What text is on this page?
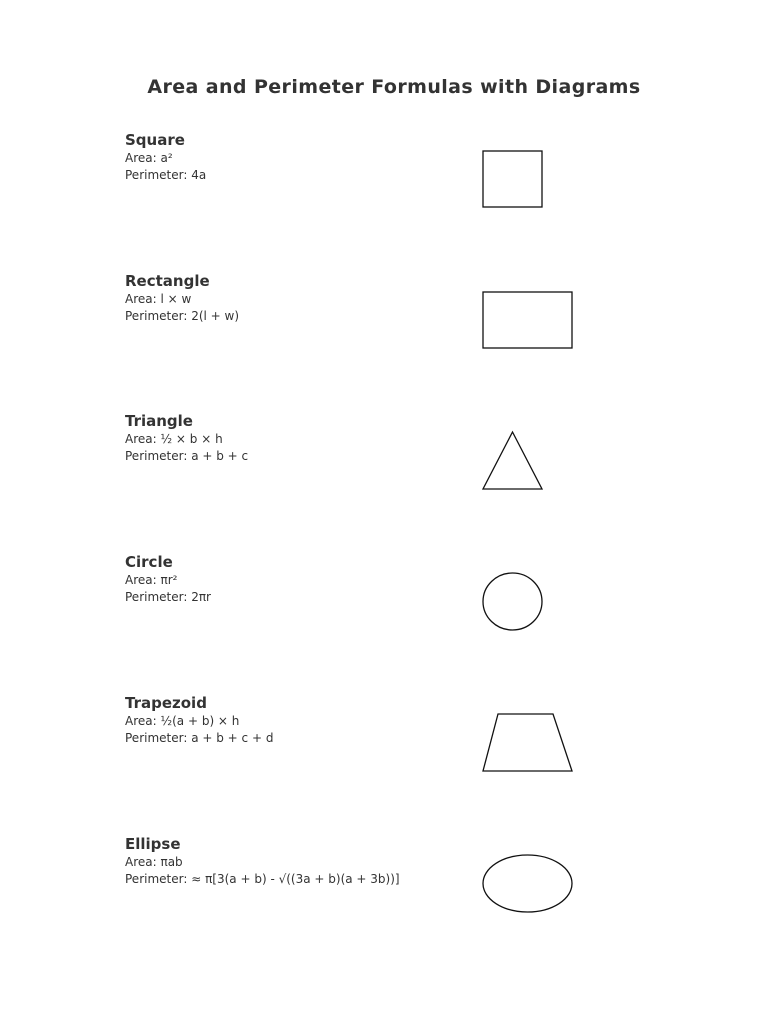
Area and Perimeter Formulas with Diagrams
Square
Area: a²
Perimeter: 4a
Rectangle
Area: l × w
Perimeter: 2(l + w)
Triangle
Area: ½ × b × h
Perimeter: a + b + c
Circle
Area: πr²
Perimeter: 2πr
Trapezoid
Area: ½(a + b) × h
Perimeter: a + b + c + d
Ellipse
Area: πab
Perimeter: ≈ π[3(a + b) - √((3a + b)(a + 3b))]
